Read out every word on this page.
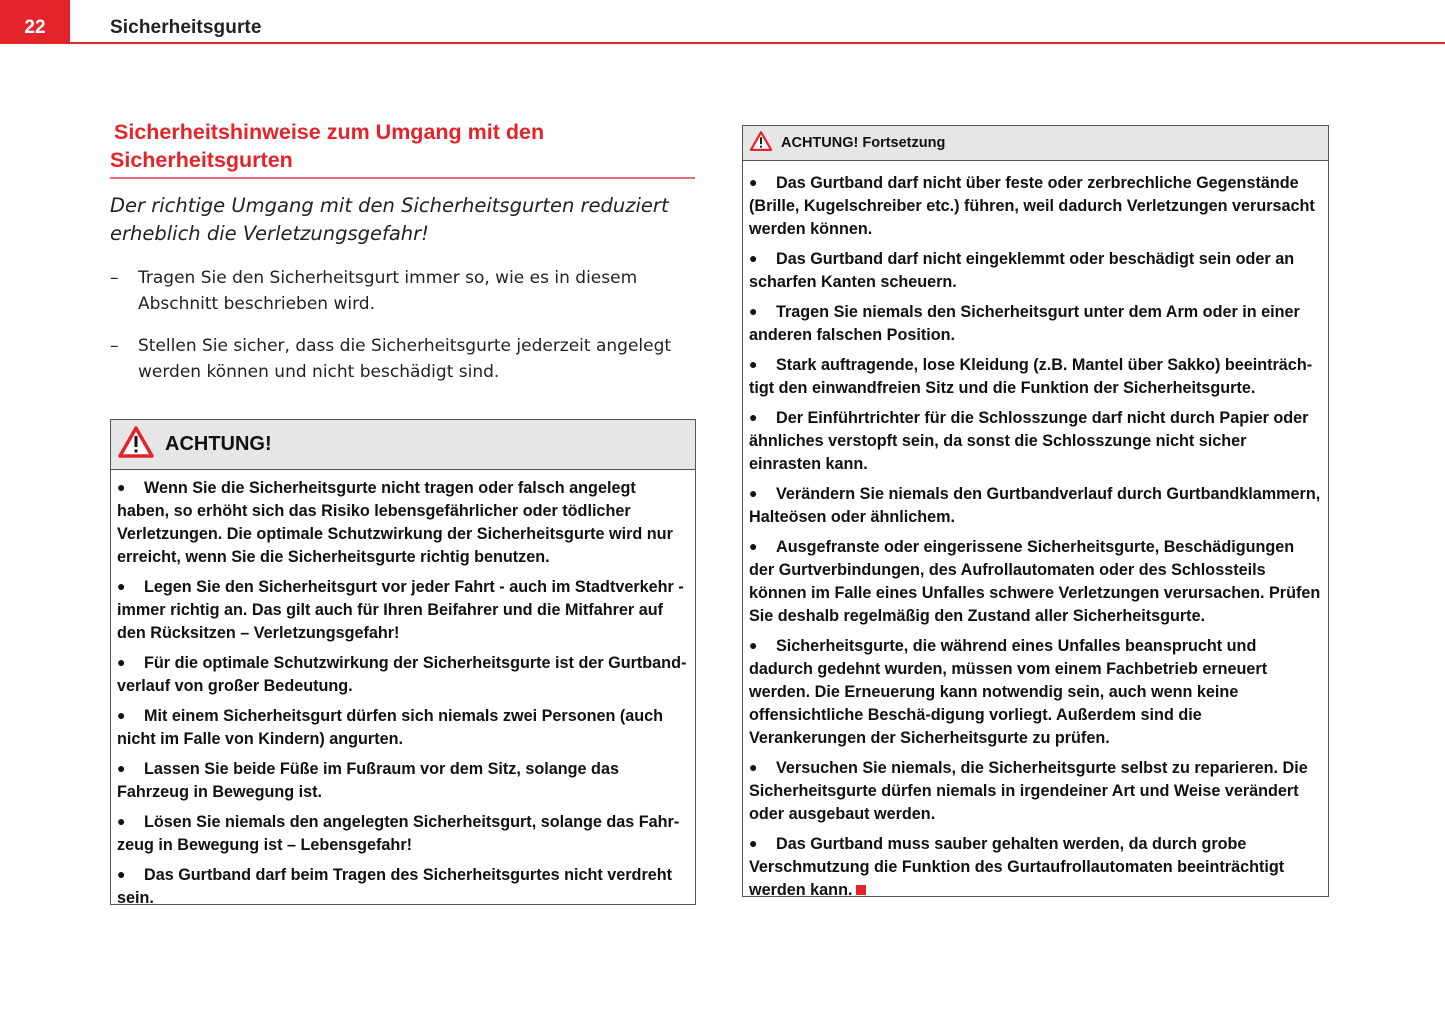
22	Sicherheitsgurte
Sicherheitshinweise zum Umgang mit den
Sicherheitsgurten

Der richtige Umgang mit den Sicherheitsgurten reduziert erheblich die Verletzungsgefahr!

– Tragen Sie den Sicherheitsgurt immer so, wie es in diesem Abschnitt beschrieben wird.
– Stellen Sie sicher, dass die Sicherheitsgurte jederzeit angelegt werden können und nicht beschädigt sind.
ACHTUNG!

● Wenn Sie die Sicherheitsgurte nicht tragen oder falsch angelegt haben, so erhöht sich das Risiko lebensgefährlicher oder tödlicher Verletzungen. Die optimale Schutzwirkung der Sicherheitsgurte wird nur erreicht, wenn Sie die Sicherheitsgurte richtig benutzen.

● Legen Sie den Sicherheitsgurt vor jeder Fahrt - auch im Stadtverkehr - immer richtig an. Das gilt auch für Ihren Beifahrer und die Mitfahrer auf den Rücksitzen – Verletzungsgefahr!

● Für die optimale Schutzwirkung der Sicherheitsgurte ist der Gurtband-verlauf von großer Bedeutung.

● Mit einem Sicherheitsgurt dürfen sich niemals zwei Personen (auch nicht im Falle von Kindern) angurten.

● Lassen Sie beide Füße im Fußraum vor dem Sitz, solange das Fahrzeug in Bewegung ist.

● Lösen Sie niemals den angelegten Sicherheitsgurt, solange das Fahr-zeug in Bewegung ist – Lebensgefahr!

● Das Gurtband darf beim Tragen des Sicherheitsgurtes nicht verdreht sein.

ACHTUNG! Fortsetzung

● Das Gurtband darf nicht über feste oder zerbrechliche Gegenstände (Brille, Kugelschreiber etc.) führen, weil dadurch Verletzungen verursacht werden können.

● Das Gurtband darf nicht eingeklemmt oder beschädigt sein oder an scharfen Kanten scheuern.

● Tragen Sie niemals den Sicherheitsgurt unter dem Arm oder in einer anderen falschen Position.

● Stark auftragende, lose Kleidung (z.B. Mantel über Sakko) beeinträch-tigt den einwandfreien Sitz und die Funktion der Sicherheitsgurte.

● Der Einführtrichter für die Schlosszunge darf nicht durch Papier oder ähnliches verstopft sein, da sonst die Schlosszunge nicht sicher einrasten kann.

● Verändern Sie niemals den Gurtbandverlauf durch Gurtbandklammern, Halteösen oder ähnlichem.

● Ausgefranste oder eingerissene Sicherheitsgurte, Beschädigungen der Gurtverbindungen, des Aufrollautomaten oder des Schlossteils können im Falle eines Unfalles schwere Verletzungen verursachen. Prüfen Sie deshalb regelmäßig den Zustand aller Sicherheitsgurte.

● Sicherheitsgurte, die während eines Unfalles beansprucht und dadurch gedehnt wurden, müssen vom einem Fachbetrieb erneuert werden. Die Erneuerung kann notwendig sein, auch wenn keine offensichtliche Beschä-digung vorliegt. Außerdem sind die Verankerungen der Sicherheitsgurte zu prüfen.

● Versuchen Sie niemals, die Sicherheitsgurte selbst zu reparieren. Die Sicherheitsgurte dürfen niemals in irgendeiner Art und Weise verändert oder ausgebaut werden.

● Das Gurtband muss sauber gehalten werden, da durch grobe Verschmutzung die Funktion des Gurtaufrollautomaten beeinträchtigt werden kann.
